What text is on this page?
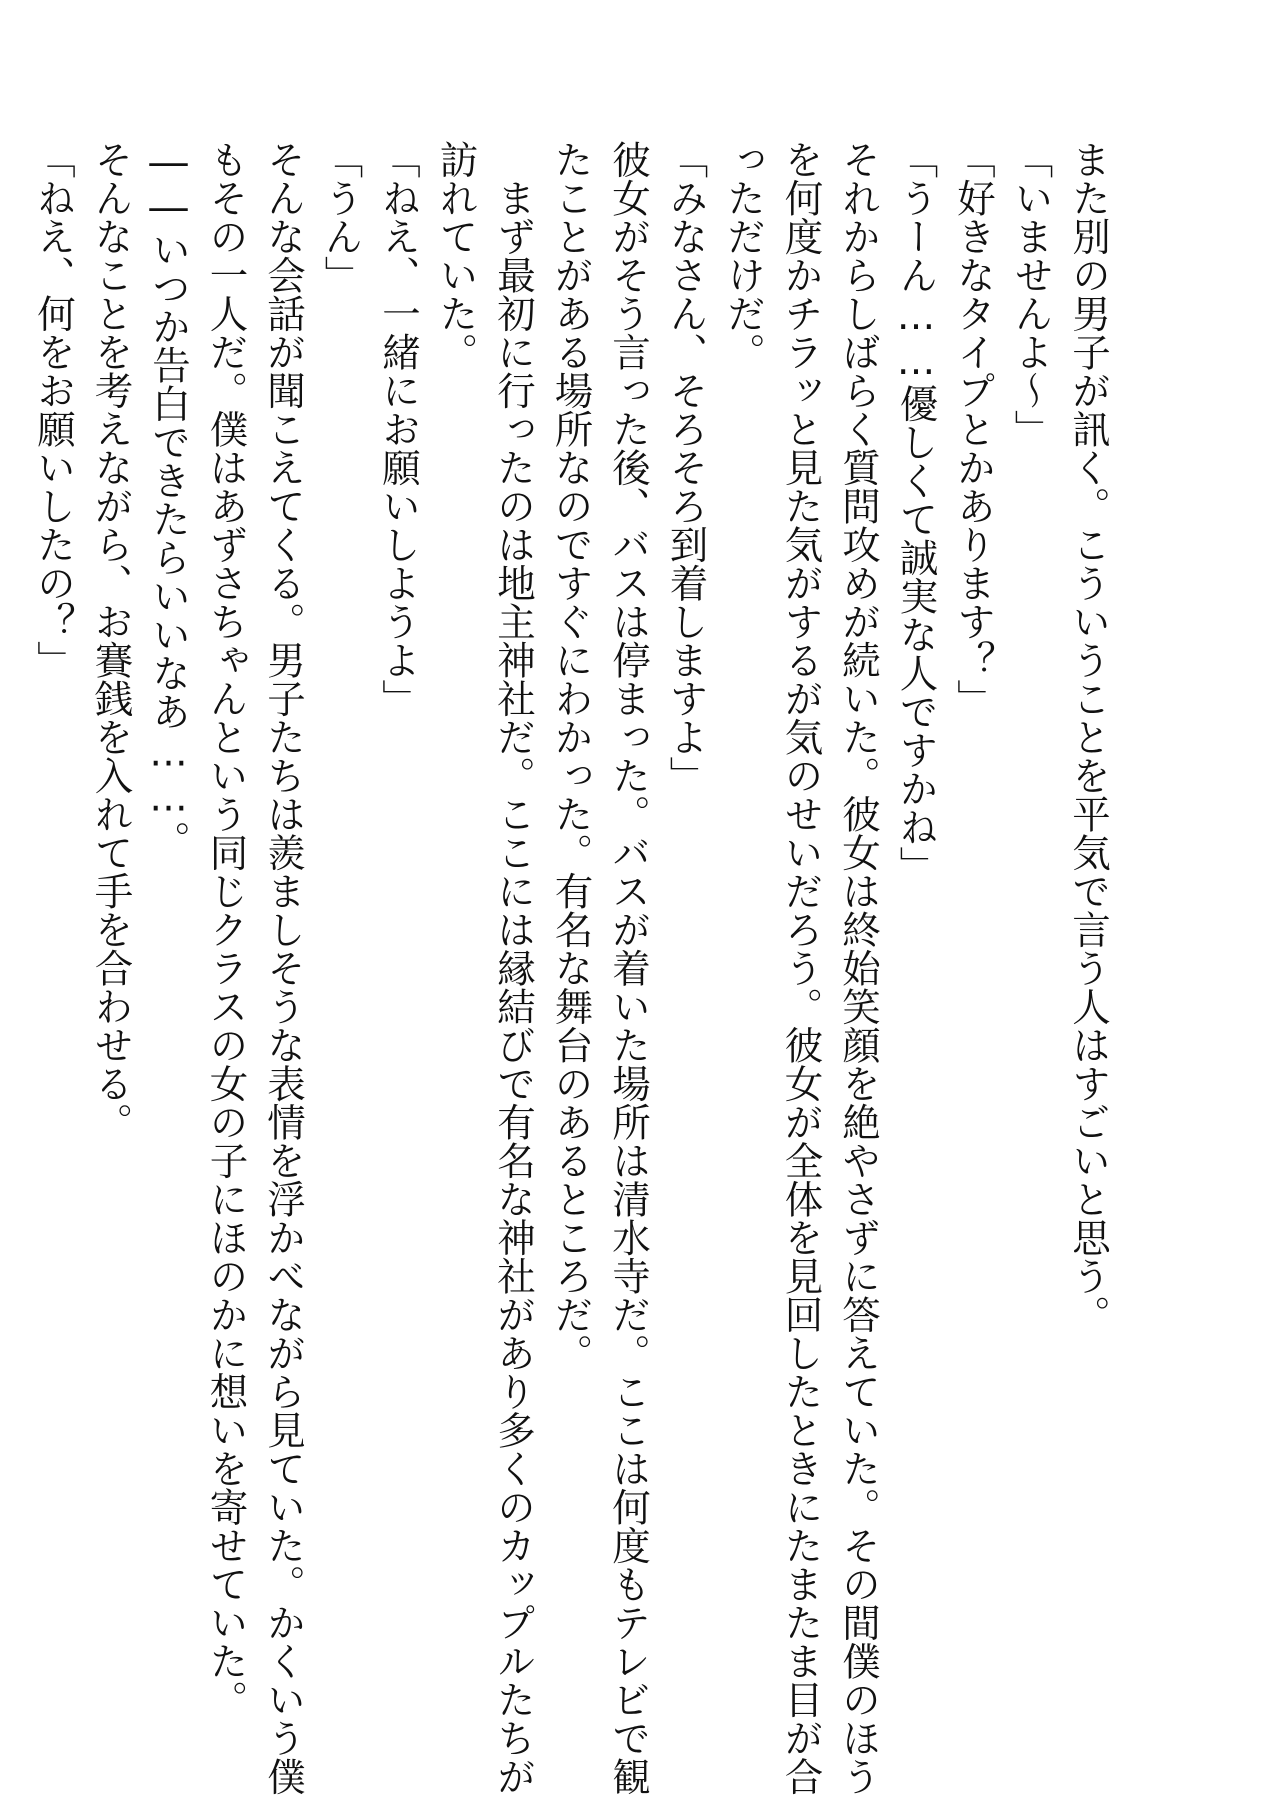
また別の男子が訊く。こういうことを平気で言う人はすごいと思う。
「いませんよ～」
「好きなタイプとかあります？」
「うーん……優しくて誠実な人ですかね」
それからしばらく質問攻めが続いた。彼女は終始笑顔を絶やさずに答えていた。その間僕のほう
を何度かチラッと見た気がするが気のせいだろう。彼女が全体を見回したときにたまたま目が合
っただけだ。
「みなさん、そろそろ到着しますよ」
彼女がそう言った後、バスは停まった。バスが着いた場所は清水寺だ。ここは何度もテレビで観
たことがある場所なのですぐにわかった。有名な舞台のあるところだ。
　まず最初に行ったのは地主神社だ。ここには縁結びで有名な神社があり多くのカップルたちが
訪れていた。
「ねえ、一緒にお願いしようよ」
「うん」
そんな会話が聞こえてくる。男子たちは羨ましそうな表情を浮かべながら見ていた。かくいう僕
もその一人だ。僕はあずさちゃんという同じクラスの女の子にほのかに想いを寄せていた。
――いつか告白できたらいいなあ……。
そんなことを考えながら、お賽銭を入れて手を合わせる。
「ねえ、何をお願いしたの？」
